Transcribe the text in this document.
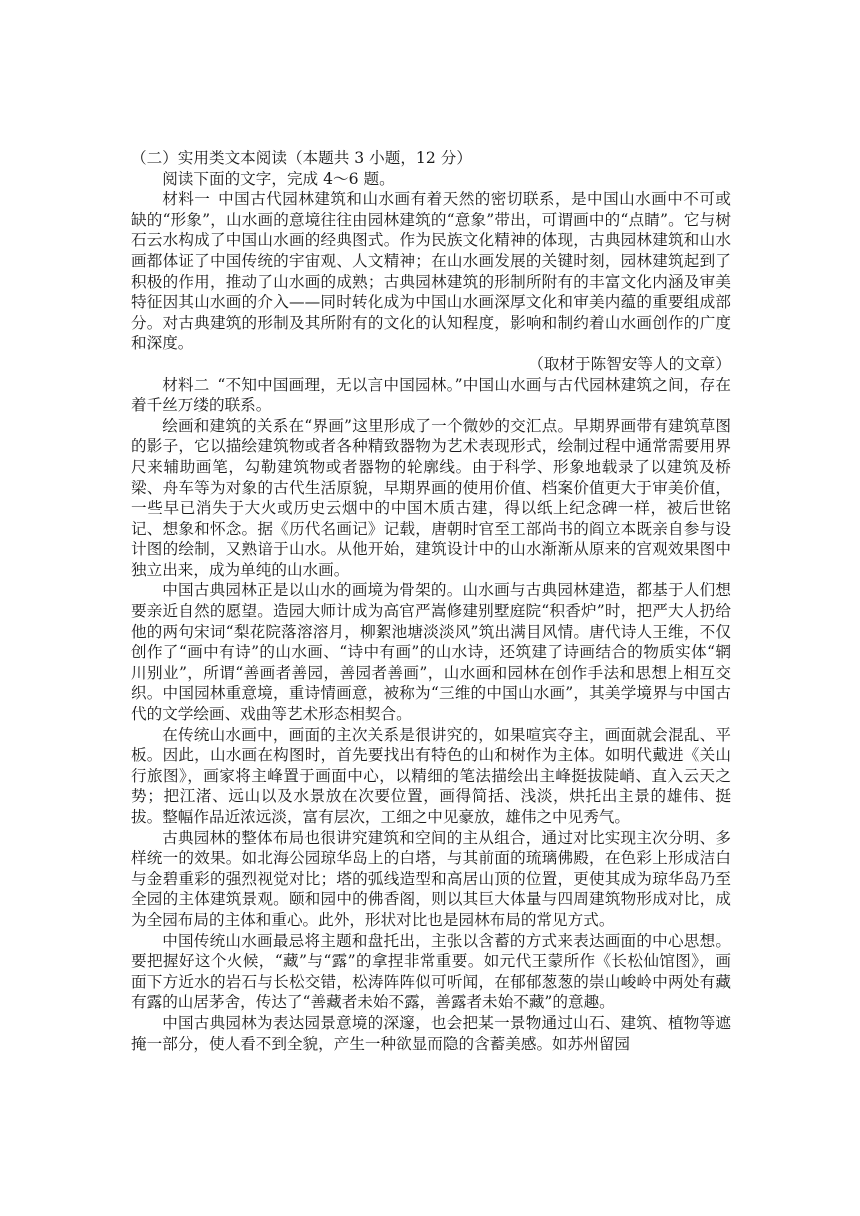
（二）实用类文本阅读（本题共 3 小题，12 分）

阅读下面的文字，完成 4～6 题。

材料一 中国古代园林建筑和山水画有着天然的密切联系，是中国山水画中不可或缺的“形象”，山水画的意境往往由园林建筑的“意象”带出，可谓画中的“点睛”。它与树石云水构成了中国山水画的经典图式。作为民族文化精神的体现，古典园林建筑和山水画都体证了中国传统的宇宙观、人文精神；在山水画发展的关键时刻，园林建筑起到了积极的作用，推动了山水画的成熟；古典园林建筑的形制所附有的丰富文化内涵及审美特征因其山水画的介入——同时转化成为中国山水画深厚文化和审美内蕴的重要组成部分。对古典建筑的形制及其所附有的文化的认知程度，影响和制约着山水画创作的广度和深度。

（取材于陈智安等人的文章）

材料二 “不知中国画理，无以言中国园林。”中国山水画与古代园林建筑之间，存在着千丝万缕的联系。

绘画和建筑的关系在“界画”这里形成了一个微妙的交汇点。早期界画带有建筑草图的影子，它以描绘建筑物或者各种精致器物为艺术表现形式，绘制过程中通常需要用界尺来辅助画笔，勾勒建筑物或者器物的轮廓线。由于科学、形象地载录了以建筑及桥梁、舟车等为对象的古代生活原貌，早期界画的使用价值、档案价值更大于审美价值，一些早已消失于大火或历史云烟中的中国木质古建，得以纸上纪念碑一样，被后世铭记、想象和怀念。据《历代名画记》记载，唐朝时官至工部尚书的阎立本既亲自参与设计图的绘制，又熟谙于山水。从他开始，建筑设计中的山水渐渐从原来的宫观效果图中独立出来，成为单纯的山水画。

中国古典园林正是以山水的画境为骨架的。山水画与古典园林建造，都基于人们想要亲近自然的愿望。造园大师计成为高官严嵩修建别墅庭院“积香炉”时，把严大人扔给他的两句宋词“梨花院落溶溶月，柳絮池塘淡淡风”筑出满目风情。唐代诗人王维，不仅创作了“画中有诗”的山水画、“诗中有画”的山水诗，还筑建了诗画结合的物质实体“辋川别业”，所谓“善画者善园，善园者善画”，山水画和园林在创作手法和思想上相互交织。中国园林重意境，重诗情画意，被称为“三维的中国山水画”，其美学境界与中国古代的文学绘画、戏曲等艺术形态相契合。

在传统山水画中，画面的主次关系是很讲究的，如果喧宾夺主，画面就会混乱、平板。因此，山水画在构图时，首先要找出有特色的山和树作为主体。如明代戴进《关山行旅图》，画家将主峰置于画面中心，以精细的笔法描绘出主峰挺拔陡峭、直入云天之势；把江渚、远山以及水景放在次要位置，画得简括、浅淡，烘托出主景的雄伟、挺拔。整幅作品近浓远淡，富有层次，工细之中见豪放，雄伟之中见秀气。

古典园林的整体布局也很讲究建筑和空间的主从组合，通过对比实现主次分明、多样统一的效果。如北海公园琼华岛上的白塔，与其前面的琉璃佛殿，在色彩上形成洁白与金碧重彩的强烈视觉对比；塔的弧线造型和高居山顶的位置，更使其成为琼华岛乃至全园的主体建筑景观。颐和园中的佛香阁，则以其巨大体量与四周建筑物形成对比，成为全园布局的主体和重心。此外，形状对比也是园林布局的常见方式。

中国传统山水画最忌将主题和盘托出，主张以含蓄的方式来表达画面的中心思想。要把握好这个火候，“藏”与“露”的拿捏非常重要。如元代王蒙所作《长松仙馆图》，画面下方近水的岩石与长松交错，松涛阵阵似可听闻，在郁郁葱葱的崇山峻岭中两处有藏有露的山居茅舍，传达了“善藏者未始不露，善露者未始不藏”的意趣。

中国古典园林为表达园景意境的深邃，也会把某一景物通过山石、建筑、植物等遮掩一部分，使人看不到全貌，产生一种欲显而隐的含蓄美感。如苏州留园
